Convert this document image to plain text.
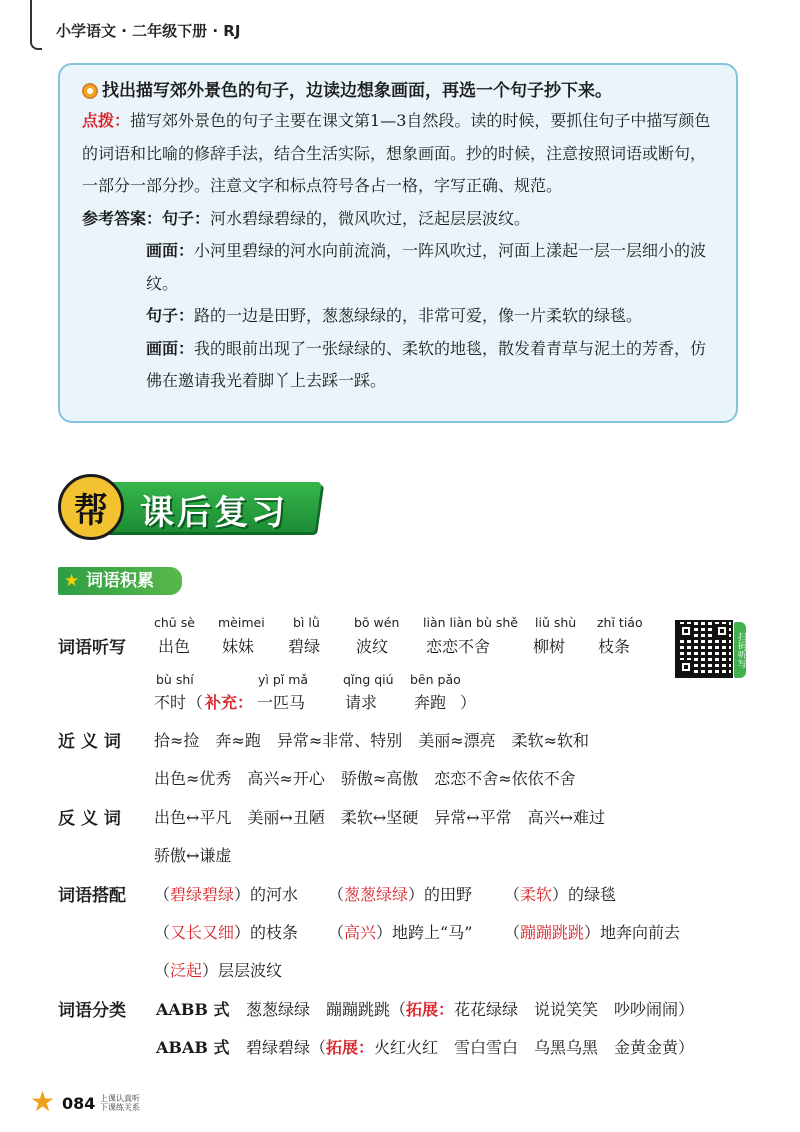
小学语文 · 二年级下册 · RJ
找出描写郊外景色的句子，边读边想象画面，再选一个句子抄下来。
点拨：描写郊外景色的句子主要在课文第1—3自然段。读的时候，要抓住句子中描写颜色的词语和比喻的修辞手法，结合生活实际，想象画面。抄的时候，注意按照词语或断句，一部分一部分抄。注意文字和标点符号各占一格，字写正确、规范。
参考答案：句子：河水碧绿碧绿的，微风吹过，泛起层层波纹。
画面：小河里碧绿的河水向前流淌，一阵风吹过，河面上漾起一层一层细小的波纹。
句子：路的一边是田野，葱葱绿绿的，非常可爱，像一片柔软的绿毯。
画面：我的眼前出现了一张绿绿的、柔软的地毯，散发着青草与泥土的芳香，仿佛在邀请我光着脚丫上去踩一踩。
帮 课后复习
★ 词语积累
词语听写
chū sè
出色
mèimei
妹妹
bì lǜ
碧绿
bō wén
波纹
liàn liàn bù shě
恋恋不舍
liǔ shù
柳树
zhī tiáo
枝条	扫码听写
bù shí
不时 （ 补充：
yì pǐ mǎ
一匹马
qǐng qiú
请求
bēn pǎo
奔跑 ）
近 义 词 拾≈捡　奔≈跑　异常≈非常、特别　美丽≈漂亮　柔软≈软和
出色≈优秀　高兴≈开心　骄傲≈高傲　恋恋不舍≈依依不舍
反 义 词 出色↔平凡　美丽↔丑陋　柔软↔坚硬　异常↔平常　高兴↔难过
骄傲↔谦虚
词语搭配 （碧绿碧绿）的河水 （葱葱绿绿）的田野 （柔软）的绿毯
（又长又细）的枝条 （高兴）地跨上“马” （蹦蹦跳跳）地奔向前去
（泛起）层层波纹
词语分类 AABB 式 葱葱绿绿　蹦蹦跳跳（拓展：花花绿绿　说说笑笑　吵吵闹闹）
ABAB 式 碧绿碧绿（拓展：火红火红　雪白雪白　乌黑乌黑　金黄金黄）
★ 084 上课认真听
下课练关系
